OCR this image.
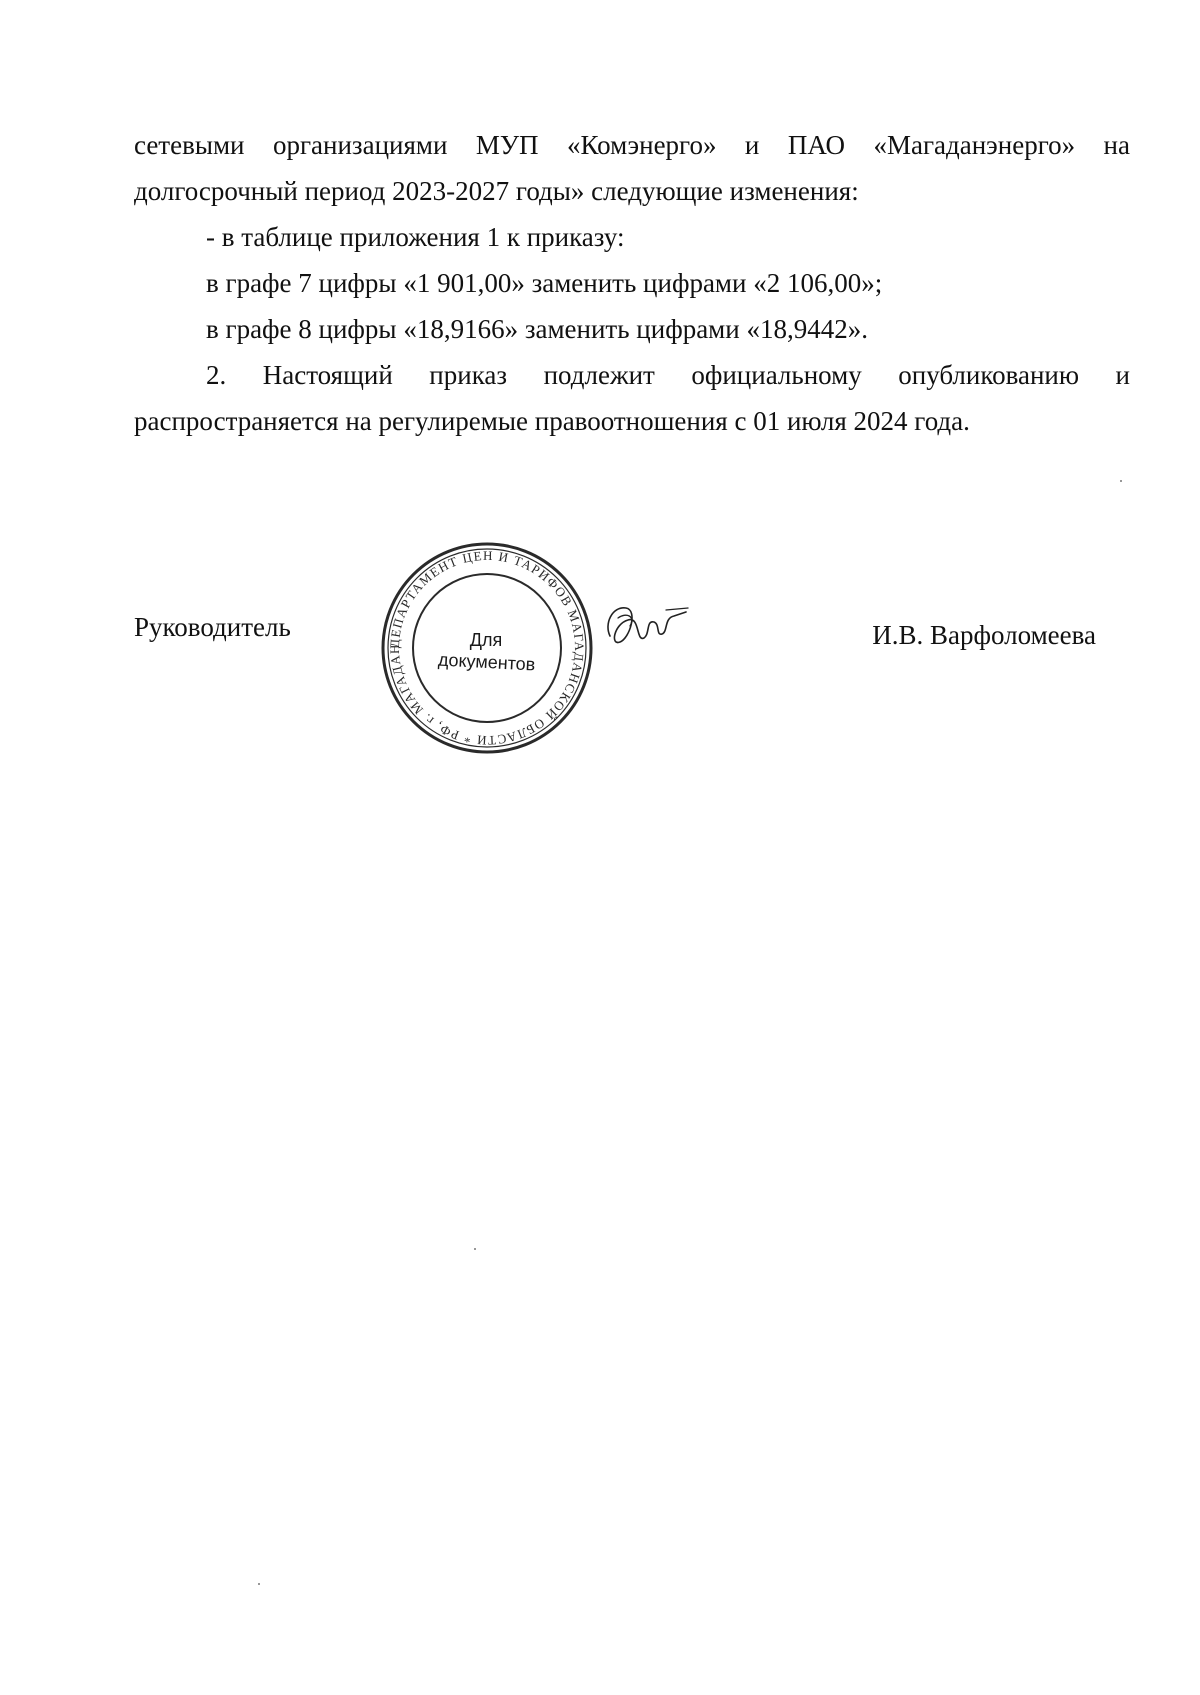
сетевыми организациями МУП «Комэнерго» и ПАО «Магаданэнерго» на
долгосрочный период 2023-2027 годы» следующие изменения:

- в таблице приложения 1 к приказу:

в графе 7 цифры «1 901,00» заменить цифрами «2 106,00»;

в графе 8 цифры «18,9166» заменить цифрами «18,9442».

2. Настоящий приказ подлежит официальному опубликованию и
распространяется на регулиремые правоотношения с 01 июля 2024 года.

Руководитель	И.В. Варфоломеева
ДЕПАРТАМЕНТ ЦЕН И ТАРИФОВ МАГАДАНСКОЙ ОБЛАСТИ * РФ, г. МАГАДАН	Для
документов
